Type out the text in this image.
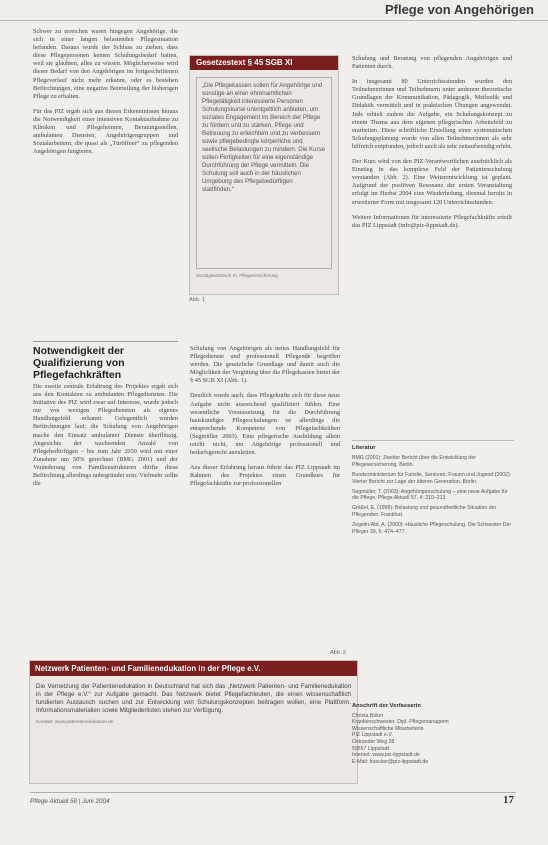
Pflege von Angehörigen

Schwer zu erreichen waren hingegen Angehörige, die sich in einer langen belastenden Pflegesituation befanden. Daraus wurde der Schluss zu ziehen, dass diese Pflegepersonen keinen Schulungsbedarf hatten, weil sie glaubten, alles zu wissen. Möglicherweise wird dieser Bedarf von den Angehörigen im fortgeschrittenen Pflegeverlauf nicht mehr erkannt, oder es bestehen Befürchtungen, eine negative Beurteilung der bisherigen Pflege zu erhalten.

Für das PIZ ergab sich aus diesen Erkenntnissen heraus die Notwendigkeit einer intensiven Kontaktaufnahme zu Kliniken und Pflegeheimen, Beratungsstellen, ambulanten Diensten, Angehörigengruppen und Sozialarbeitern, die quasi als „Türöffner“ zu pflegenden Angehörigen fungieren.

Notwendigkeit der Qualifizierung von Pflegefachkräften

Die zweite zentrale Erfahrung des Projektes ergab sich aus den Kontakten zu ambulanten Pflegediensten. Die Initiative des PIZ wird zwar auf Interesse, wurde jedoch nur von wenigen Pflegediensten als eigenes Handlungsfeld erkannt. Gelegentlich wurden Befürchtungen laut, die Schulung von Angehörigen mache den Einsatz ambulanter Dienste überflüssig. Angesichts der wachsenden Anzahl von Pflegebedürftigen – bis zum Jahr 2050 wird mit einer Zunahme um 50% gerechnet (BMG 2001) und der Veränderung von Familienstrukturen dürfte diese Befürchtung allerdings unbegründet sein. Vielmehr sollte die

Gesetzestext § 45 SGB XI
„Die Pflegekassen sollen für Angehörige und sonstige an einer ehrenamtlichen Pflegetätigkeit interessierte Personen Schulungskurse unentgeltlich anbieten, um soziales Engagement im Bereich der Pflege zu fördern und zu stärken, Pflege und Betreuung zu erleichtern und zu verbessern sowie pflegebedingte körperliche und seelische Belastungen zu mindern. Die Kurse sollen Fertigkeiten für eine eigenständige Durchführung der Pflege vermitteln. Die Schulung soll auch in der häuslichen Umgebung des Pflegebedürftigen stattfinden.“
Sozialgesetzbuch XI, Pflegeversicherung
Abb. 1

Schulung von Angehörigen als neues Handlungsfeld für Pflegedienste und professionell Pflegende begriffen werden. Die gesetzliche Grundlage und damit auch die Möglichkeit der Vergütung über die Pflegekassen bietet der § 45 SGB XI (Abb. 1).

Deutlich wurde auch, dass Pflegekräfte sich für diese neue Aufgabe nicht ausreichend qualifiziert fühlen. Eine wesentliche Voraussetzung für die Durchführung hauskundiger Pflegeschulungen ist allerdings die entsprechende Kompetenz von Pflegefachkräften (Segmüller 2003). Eine pflegerische Ausbildung allein reicht nicht, um Angehörige professionell und bedarfsgerecht anzuleiten.

Aus dieser Erfahrung heraus führte das PIZ Lippstadt im Rahmen des Projektes einen Grundkurs für Pflegefachkräfte zur professionellen

Abb. 2

Schulung und Beratung von pflegenden Angehörigen und Patienten durch.

In insgesamt 80 Unterrichtsstunden wurden den Teilnehmerinnen und Teilnehmern unter anderem theoretische Grundlagen der Kommunikation, Pädagogik, Methodik und Didaktik vermittelt und in praktischen Übungen angewendet. Jede erhielt zudem die Aufgabe, ein Schulungskonzept zu einem Thema aus dem eigenen pflegerischen Arbeitsfeld zu erarbeiten. Diese schriftliche Erstellung einer systematischen Schulungsplanung wurde von allen Teilnehmerinnen als sehr hilfreich empfunden, jedoch auch als sehr zeitaufwendig erlebt.

Der Kurs wird von den PIZ-Verantwortlichen ausdrücklich als Einstieg in das komplexe Feld der Patientenschulung verstanden (Abb. 2). Eine Weiterentwicklung ist geplant. Aufgrund der positiven Resonanz der ersten Veranstaltung erfolgt im Herbst 2004 eine Wiederholung, diesmal bereits in erweiterter Form mit insgesamt 120 Unterrichtsstunden.

Weitere Informationen für interessierte Pflegefachkräfte erteilt das PIZ Lippstadt (info@piz-lippstadt.de).

Literatur

BMG (2001): Zweiter Bericht über die Entwicklung der Pflegeversicherung. Berlin.

Bundesministerium für Familie, Senioren, Frauen und Jugend (2002): Vierter Bericht zur Lage der älteren Generation. Berlin.

Segmüller, T. (2003): Angehörigenschulung – eine neue Aufgabe für die Pflege. Pflege Aktuell 57, 4: 210–213.

Gräßel, E. (1998): Belastung und gesundheitliche Situation der Pflegenden. Frankfurt.

Zegelin-Abt, A. (2000): Häusliche Pflegeschulung. Die Schwester Der Pfleger 39, 6: 474–477.

Netzwerk Patienten- und Familienedukation in der Pflege e.V.
Die Vernetzung der Patientenedukation in Deutschland hat sich das „Netzwerk Patienten- und Familienedukation in der Pflege e.V.“ zur Aufgabe gemacht. Das Netzwerk bietet Pflegefachleuten, die einen wissenschaftlich fundierten Austausch suchen und zur Entwicklung von Schulungskonzepten beitragen wollen, eine Plattform. Informationsmaterialien sowie Mitgliederlisten stehen zur Verfügung.
Kontakt: www.patientenedukation.de
Anschrift der Verfasserin
Christa Büker
Krankenschwester, Dipl.-Pflegemanagerin
Wissenschaftliche Mitarbeiterin
PIZ Lippstadt e.V.
Ostrander Weg 28
59557 Lippstadt
Internet: www.piz-lippstadt.de
E-Mail: buecker@piz-lippstadt.de
Pflege Aktuell 58 | Juni 2004	17
